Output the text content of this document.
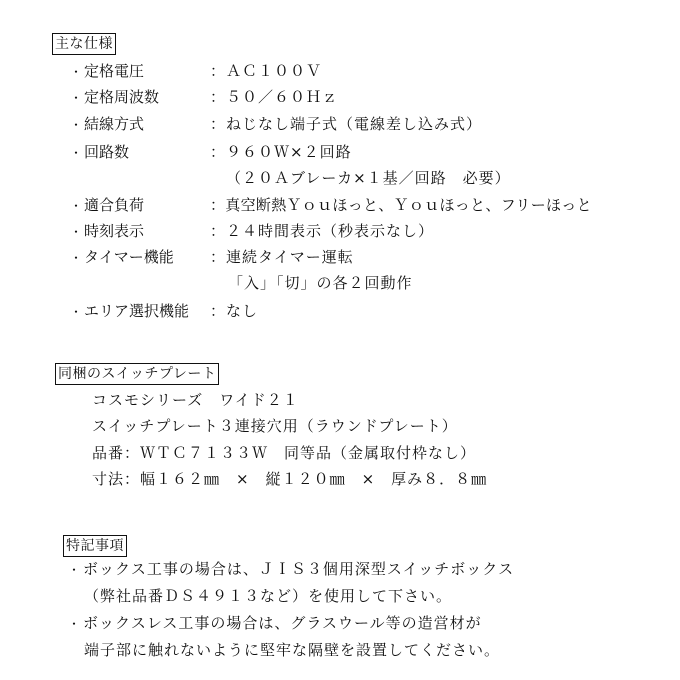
主な仕様
・ 定格電圧	：ＡＣ１００Ｖ
・ 定格周波数	：５０／６０Ｈｚ
・ 結線方式	：ねじなし端子式（電線差し込み式）
・ 回路数	：９６０Ｗ×２回路
（２０Ａブレーカ×１基／回路　必要）
・ 適合負荷	：真空断熱Ｙｏｕほっと、Ｙｏｕほっと、フリーほっと
・ 時刻表示	：２４時間表示（秒表示なし）
・ タイマー機能 ：連続タイマー運転
「入」「切」の各２回動作
・ エリア選択機能 ：なし
同梱のスイッチプレート
コスモシリーズ　ワイド２１
スイッチプレート３連接穴用（ラウンドプレート）
品番：ＷＴＣ７１３３Ｗ　同等品（金属取付枠なし）
寸法：幅１６２㎜　×　縦１２０㎜　×　厚み８．８㎜
特記事項
・ ボックス工事の場合は、ＪＩＳ３個用深型スイッチボックス
（弊社品番ＤＳ４９１３など）を使用して下さい。
・ ボックスレス工事の場合は、グラスウール等の造営材が
端子部に触れないように堅牢な隔壁を設置してください。
